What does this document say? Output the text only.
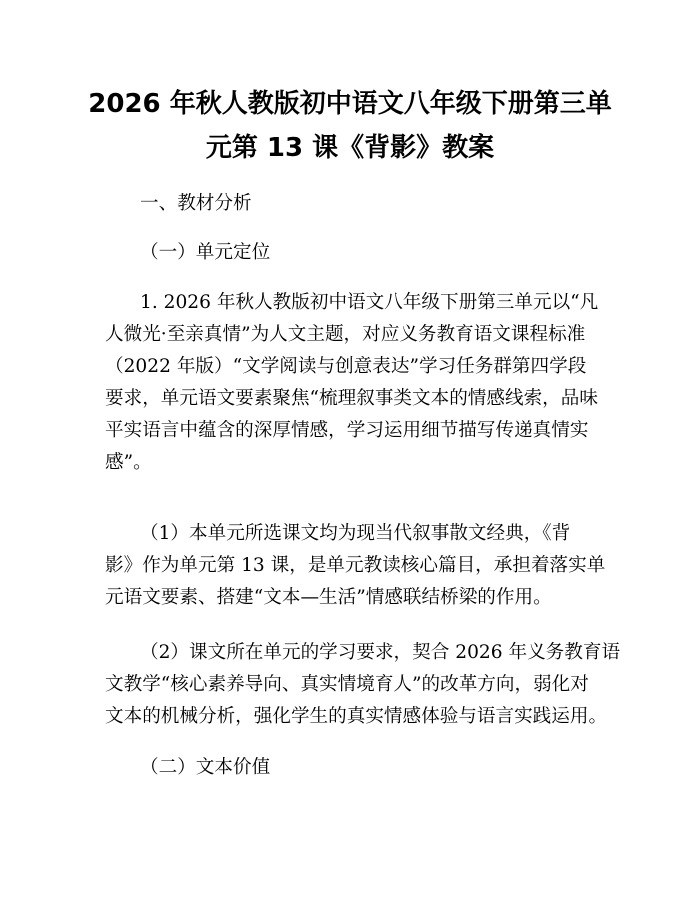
2026 年秋人教版初中语文八年级下册第三单
元第 13 课《背影》教案
一、教材分析
（一）单元定位
1. 2026 年秋人教版初中语文八年级下册第三单元以“凡
人微光·至亲真情”为人文主题，对应义务教育语文课程标准
（2022 年版）“文学阅读与创意表达”学习任务群第四学段
要求，单元语文要素聚焦“梳理叙事类文本的情感线索，品味
平实语言中蕴含的深厚情感，学习运用细节描写传递真情实
感”。
（1）本单元所选课文均为现当代叙事散文经典，《背
影》作为单元第 13 课，是单元教读核心篇目，承担着落实单
元语文要素、搭建“文本—生活”情感联结桥梁的作用。
（2）课文所在单元的学习要求，契合 2026 年义务教育语
文教学“核心素养导向、真实情境育人”的改革方向，弱化对
文本的机械分析，强化学生的真实情感体验与语言实践运用。
（二）文本价值
